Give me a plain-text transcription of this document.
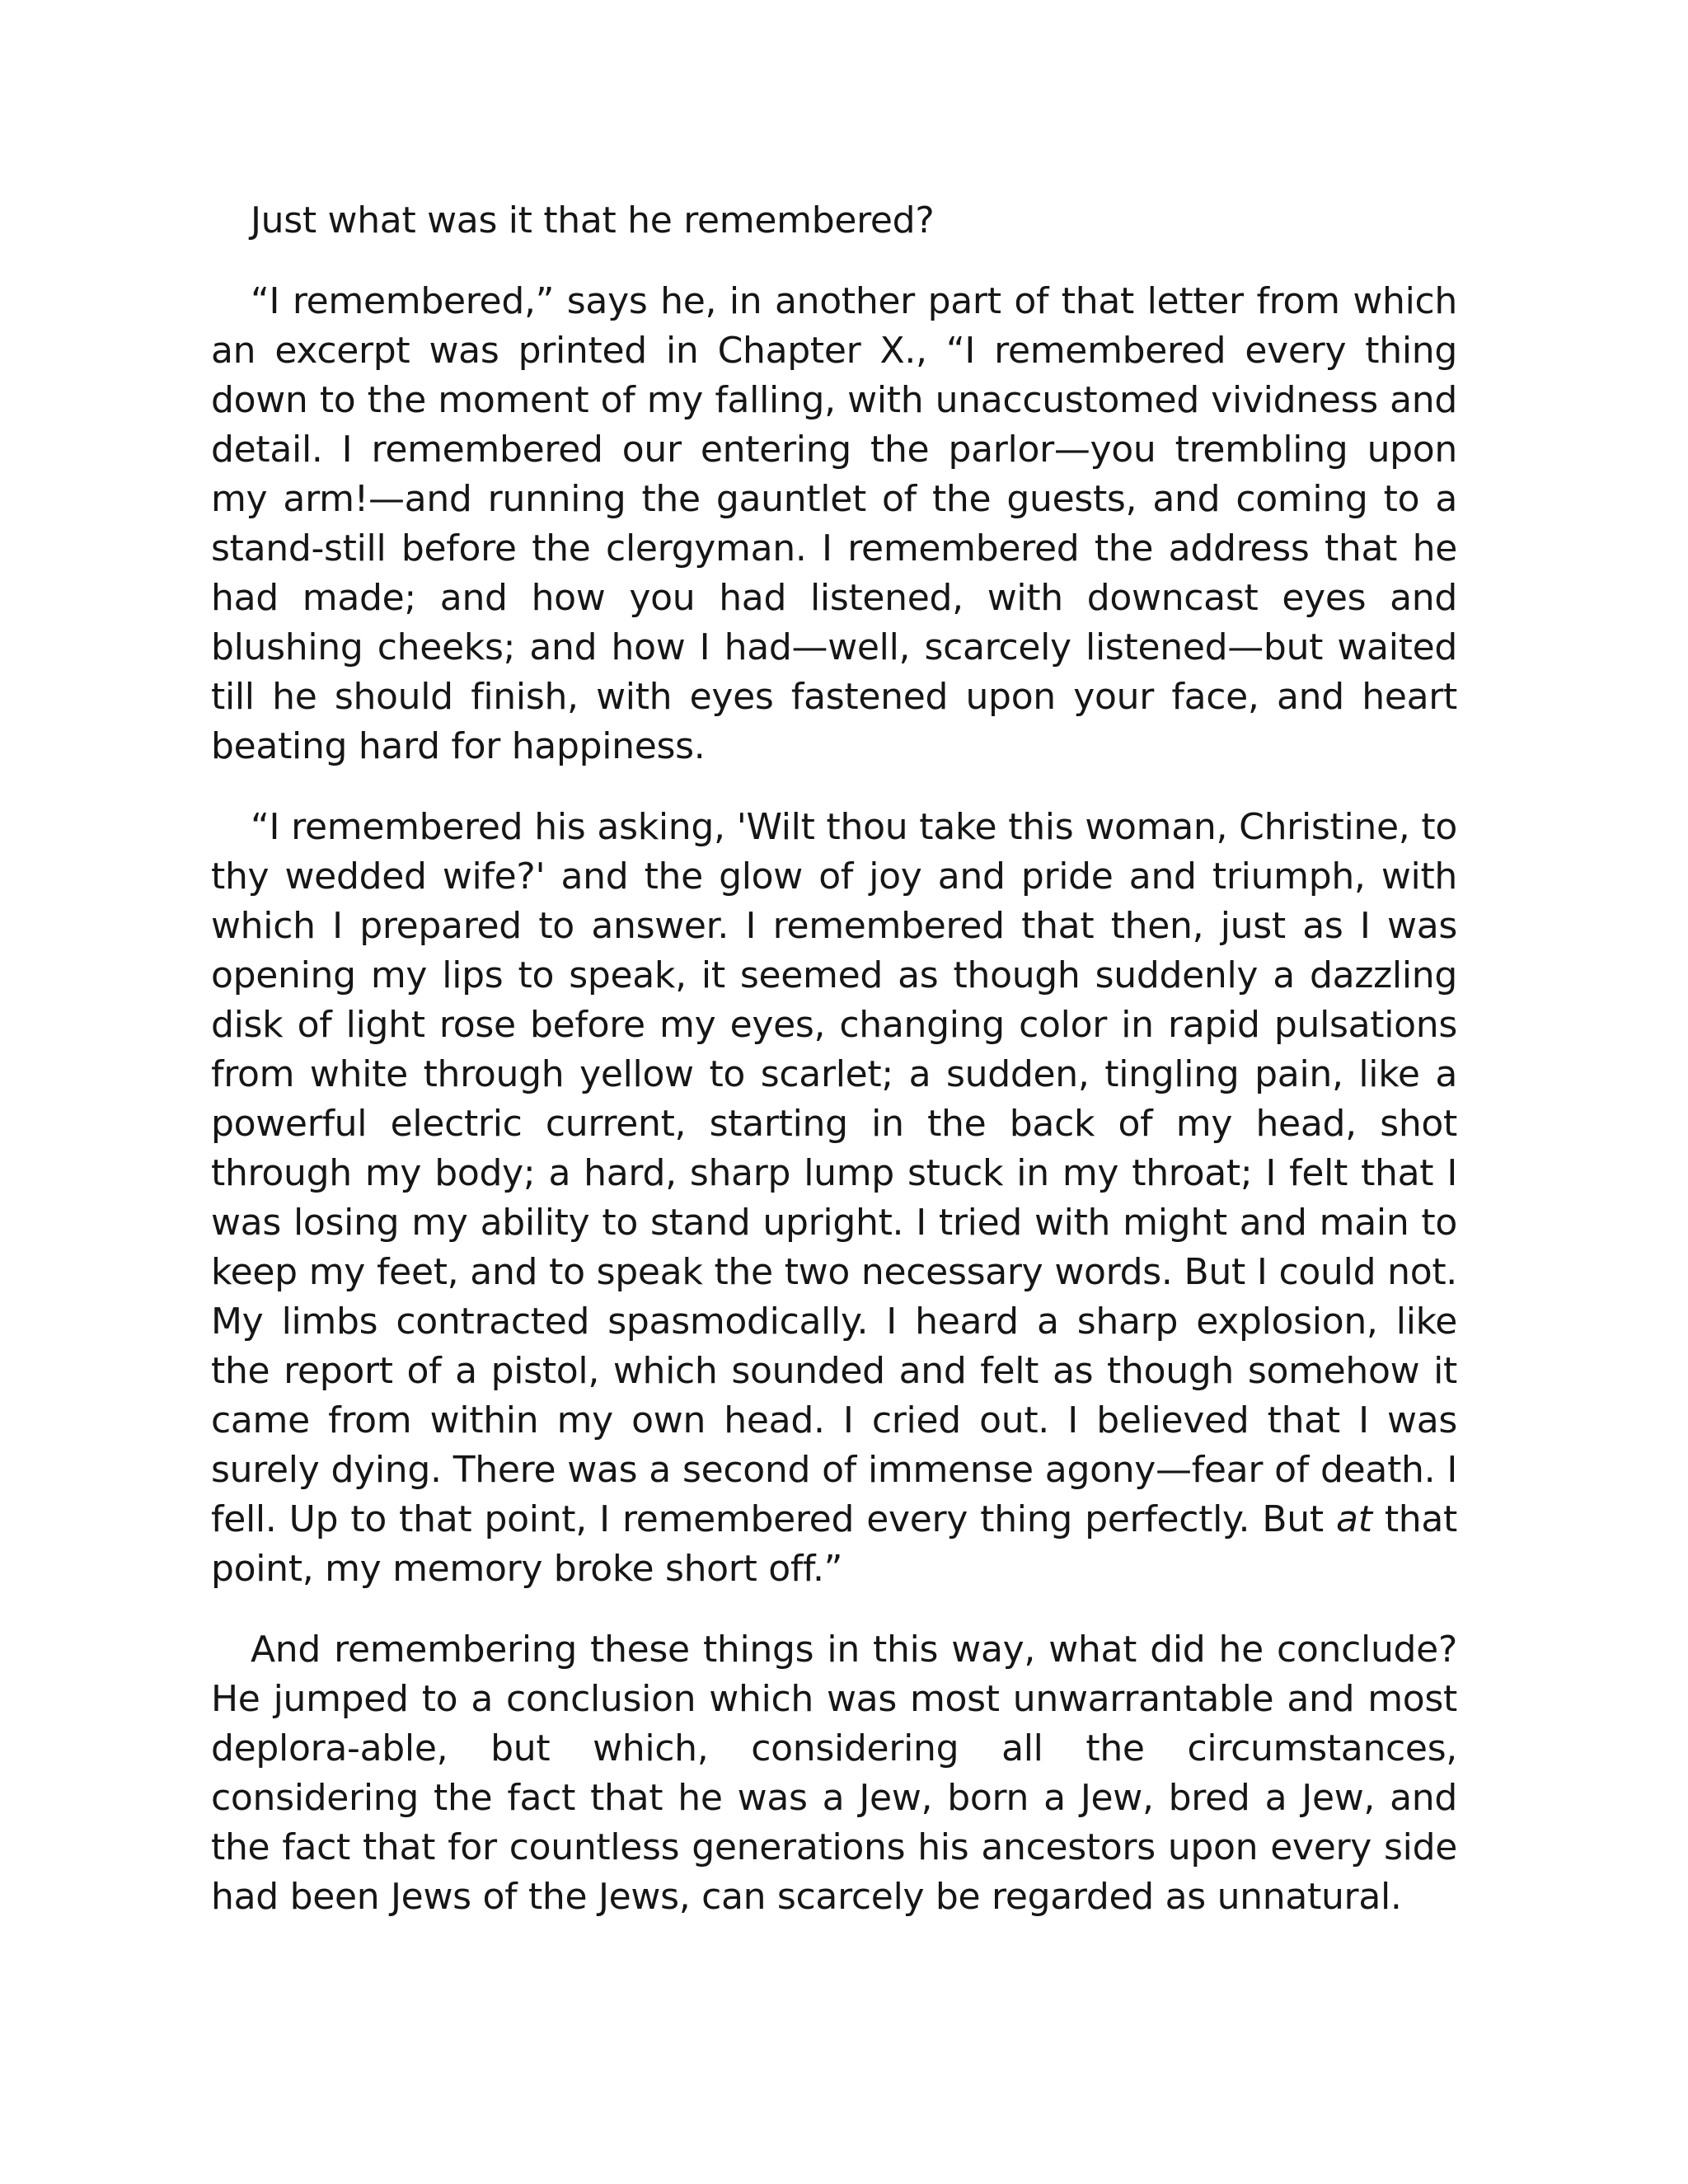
Just what was it that he remembered?

“I remembered,” says he, in another part of that letter from which an excerpt was printed in Chapter X., “I remembered every thing down to the moment of my falling, with unaccustomed vividness and detail. I remembered our entering the parlor—you trembling upon my arm!—and running the gauntlet of the guests, and coming to a stand-still before the clergyman. I remembered the address that he had made; and how you had listened, with downcast eyes and blushing cheeks; and how I had—well, scarcely listened—but waited till he should finish, with eyes fastened upon your face, and heart beating hard for happiness.

“I remembered his asking, 'Wilt thou take this woman, Christine, to thy wedded wife?' and the glow of joy and pride and triumph, with which I prepared to answer. I remembered that then, just as I was opening my lips to speak, it seemed as though suddenly a dazzling disk of light rose before my eyes, changing color in rapid pulsations from white through yellow to scarlet; a sudden, tingling pain, like a powerful electric current, starting in the back of my head, shot through my body; a hard, sharp lump stuck in my throat; I felt that I was losing my ability to stand upright. I tried with might and main to keep my feet, and to speak the two necessary words. But I could not. My limbs contracted spasmodically. I heard a sharp explosion, like the report of a pistol, which sounded and felt as though somehow it came from within my own head. I cried out. I believed that I was surely dying. There was a second of immense agony—fear of death. I fell. Up to that point, I remembered every thing perfectly. But at that point, my memory broke short off.”

And remembering these things in this way, what did he conclude? He jumped to a conclusion which was most unwarrantable and most deplora-able, but which, considering all the circumstances, considering the fact that he was a Jew, born a Jew, bred a Jew, and the fact that for countless generations his ancestors upon every side had been Jews of the Jews, can scarcely be regarded as unnatural.
